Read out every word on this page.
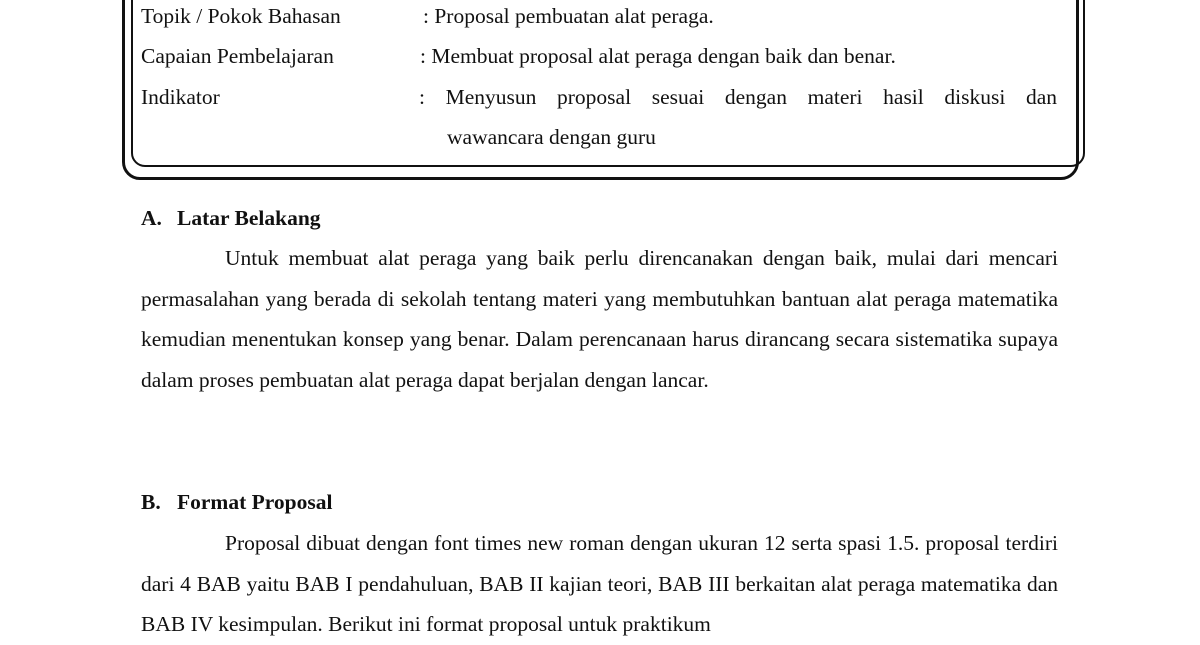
Topik / Pokok Bahasan	: Proposal pembuatan alat peraga.
Capaian Pembelajaran	: Membuat proposal alat peraga dengan baik dan benar.
Indikator	: Menyusun proposal sesuai dengan materi hasil diskusi dan
wawancara dengan guru
A. Latar Belakang
Untuk membuat alat peraga yang baik perlu direncanakan dengan baik, mulai dari mencari permasalahan yang berada di sekolah tentang materi yang membutuhkan bantuan alat peraga matematika kemudian menentukan konsep yang benar. Dalam perencanaan harus dirancang secara sistematika supaya dalam proses pembuatan alat peraga dapat berjalan dengan lancar.
B. Format Proposal
Proposal dibuat dengan font times new roman dengan ukuran 12 serta spasi 1.5. proposal terdiri dari 4 BAB yaitu BAB I pendahuluan, BAB II kajian teori, BAB III berkaitan alat peraga matematika dan BAB IV kesimpulan. Berikut ini format proposal untuk praktikum
